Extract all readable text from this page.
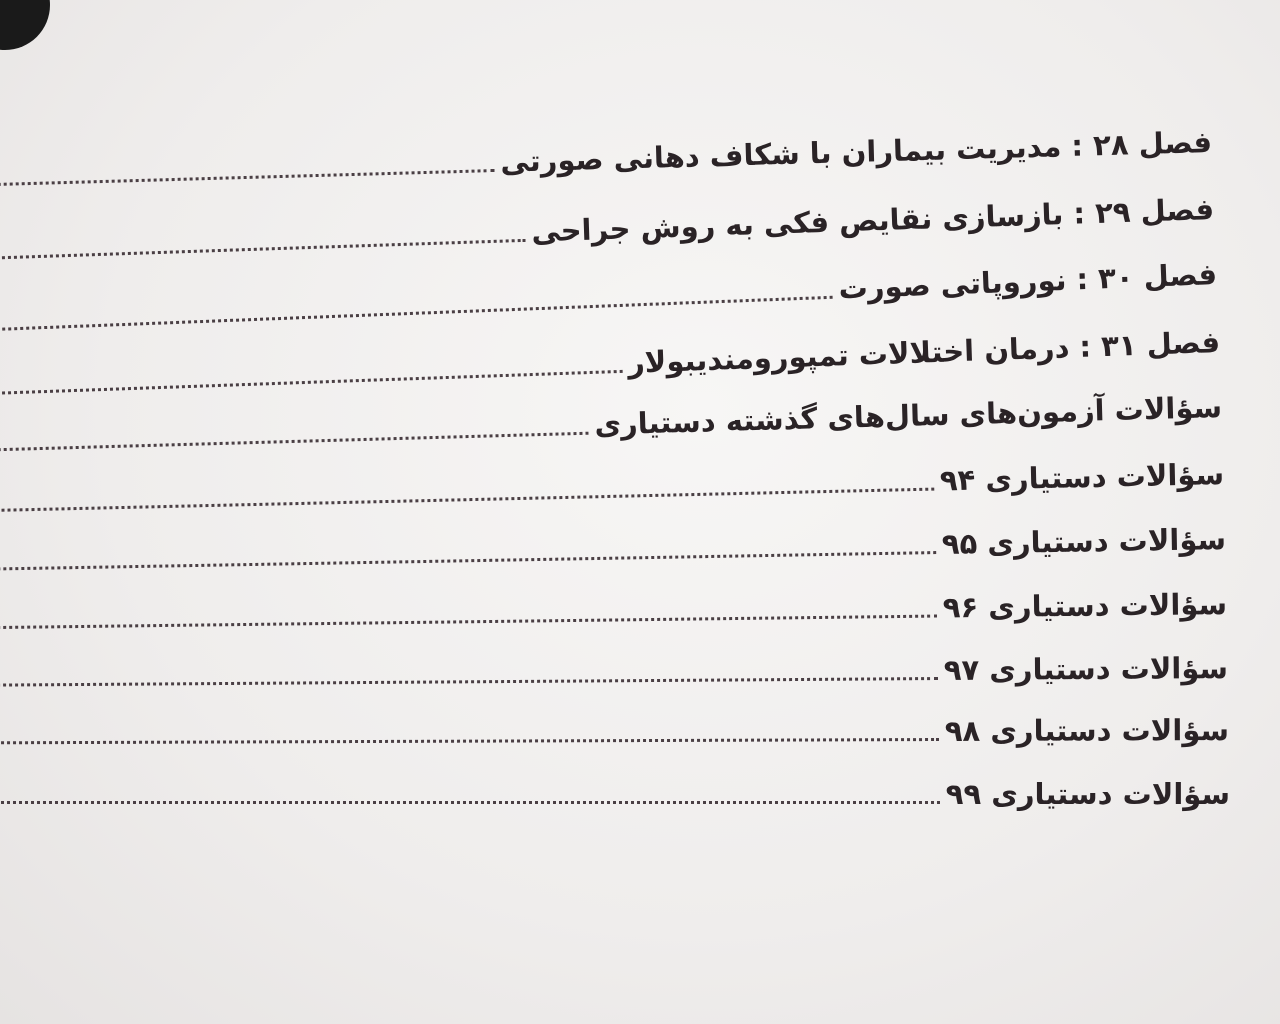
فصل ۲۸ : مدیریت بیماران با شکاف دهانی صورتی
فصل ۲۹ : بازسازی نقایص فکی به روش جراحی
فصل ۳۰ : نوروپاتی صورت
فصل ۳۱ : درمان اختلالات تمپورومندیبولار
سؤالات آزمون‌های سال‌های گذشته دستیاری
سؤالات دستیاری ۹۴
سؤالات دستیاری ۹۵
سؤالات دستیاری ۹۶
سؤالات دستیاری ۹۷
سؤالات دستیاری ۹۸
سؤالات دستیاری ۹۹
